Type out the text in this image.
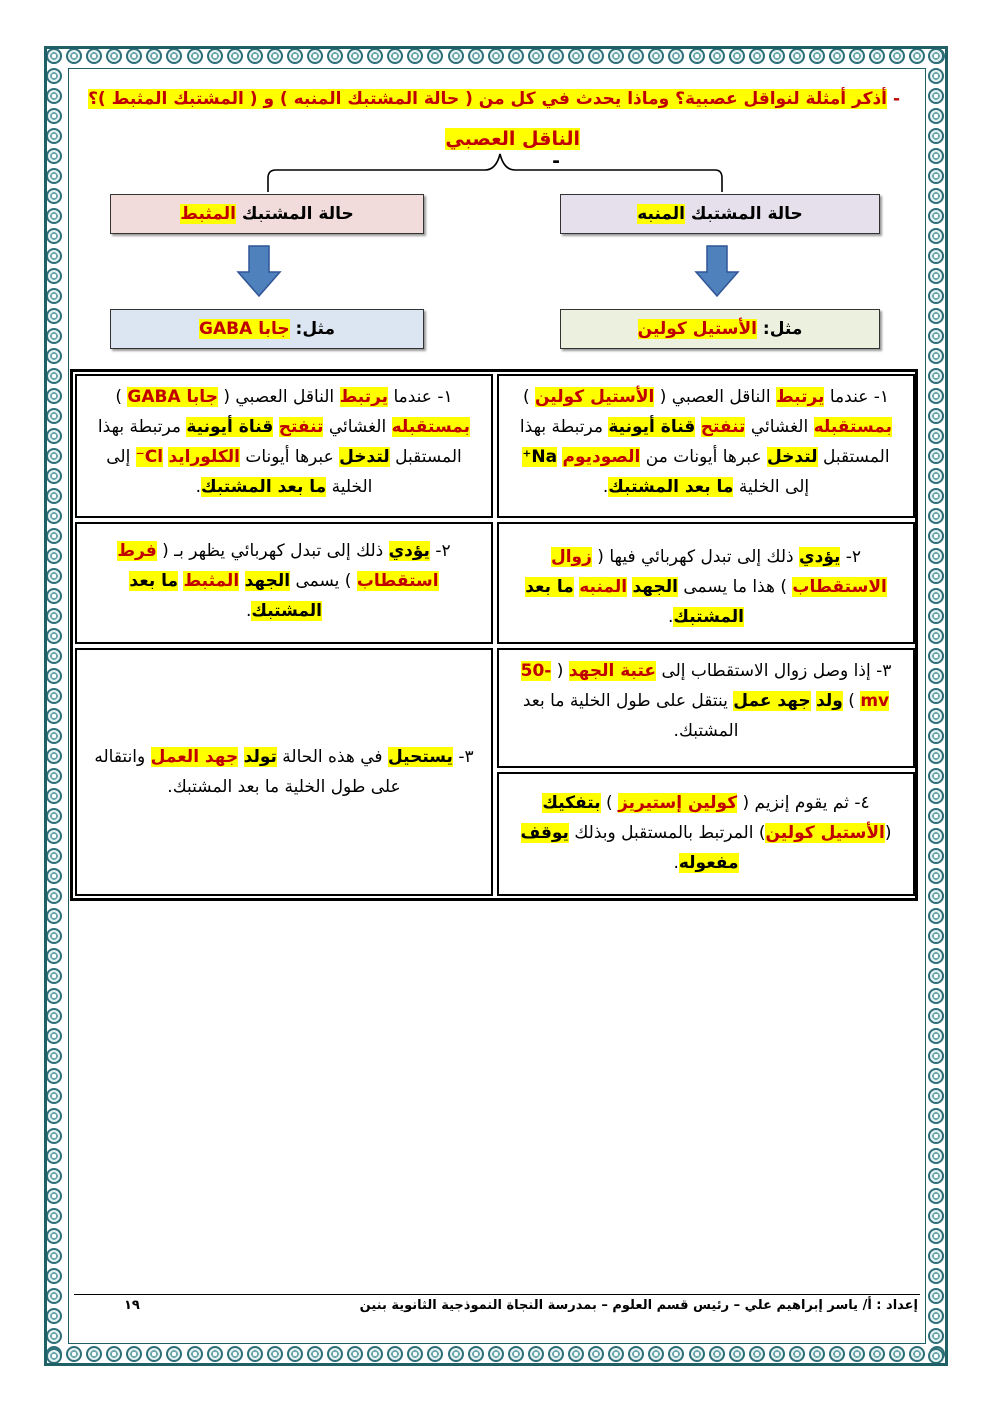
- أذكر أمثلة لنواقل عصبية؟ وماذا يحدث في كل من ( حالة المشتبك المنبه ) و ( المشتبك المثبط )؟
الناقل العصبي -
حالة المشتبك

المنبه
حالة المشتبك

المثبط
مثل:

الأستيل كولين
مثل:

جابا GABA
١- عندما يرتبط الناقل العصبي ( الأستيل كولين ) بمستقبله الغشائي تنفتح قناة أيونية مرتبطة بهذا المستقبل لتدخل عبرها أيونات من الصوديوم Na⁺ إلى الخلية ما بعد المشتبك.
١- عندما يرتبط الناقل العصبي ( جابا GABA ) بمستقبله الغشائي تنفتح قناة أيونية مرتبطة بهذا المستقبل لتدخل عبرها أيونات الكلورايد Cl⁻ إلى الخلية ما بعد المشتبك.
٢- يؤدي ذلك إلى تبدل كهربائي فيها ( زوال الاستقطاب ) هذا ما يسمى الجهد المنبه ما بعد المشتبك.
٢- يؤدي ذلك إلى تبدل كهربائي يظهر بـ ( فرط استقطاب ) يسمى الجهد المثبط ما بعد المشتبك.
٣- إذا وصل زوال الاستقطاب إلى عتبة الجهد ( -50 mv ) ولد جهد عمل ينتقل على طول الخلية ما بعد المشتبك.
٣- يستحيل في هذه الحالة تولد جهد العمل وانتقاله على طول الخلية ما بعد المشتبك.
٤- ثم يقوم إنزيم ( كولين إستيريز ) بتفكيك (الأستيل كولين) المرتبط بالمستقبل وبذلك يوقف مفعوله.
إعداد : أ/ ياسر إبراهيم علي – رئيس قسم العلوم – بمدرسة النجاة النموذجية الثانوية بنين
١٩
